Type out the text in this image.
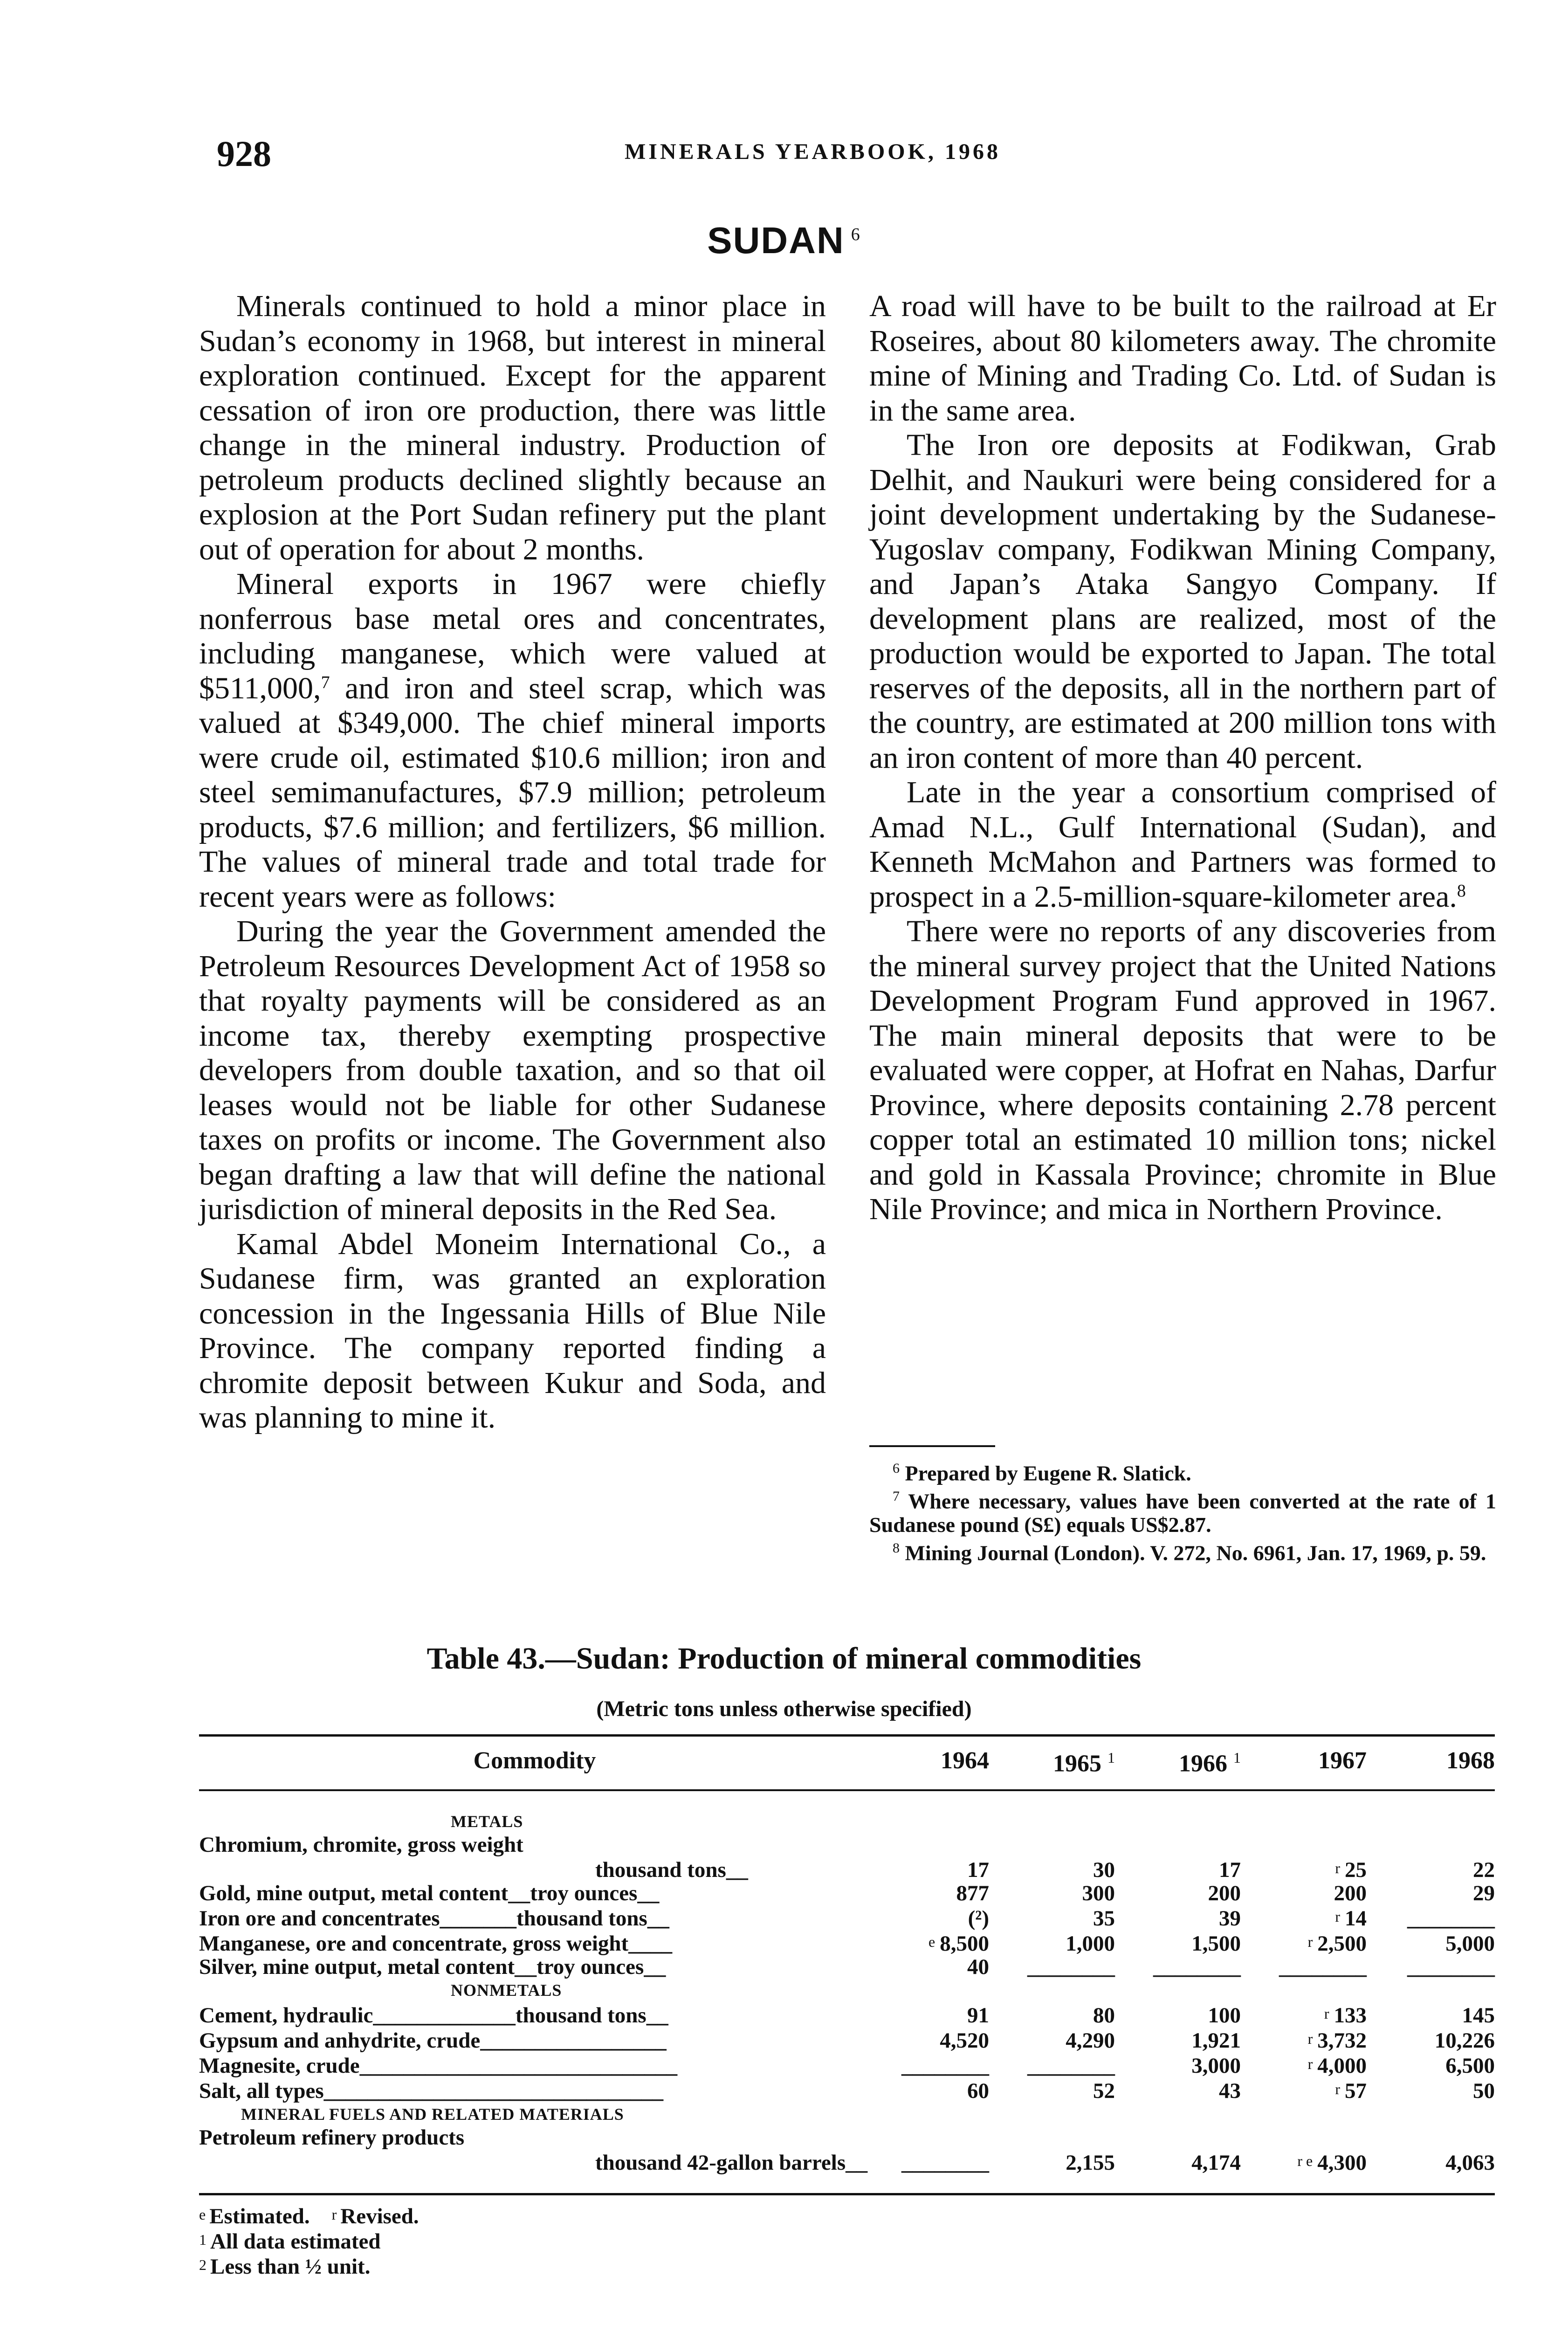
928	MINERALS YEARBOOK, 1968
SUDAN $^6$

Minerals continued to hold a minor place in Sudan’s economy in 1968, but interest in mineral exploration continued. Except for the apparent cessation of iron ore production, there was little change in the mineral industry. Production of petroleum products declined slightly because an explosion at the Port Sudan refinery put the plant out of operation for about 2 months.

Mineral exports in 1967 were chiefly nonferrous base metal ores and concentrates, including manganese, which were valued at $511,000,$^7$ and iron and steel scrap, which was valued at $349,000. The chief mineral imports were crude oil, estimated $10.6 million; iron and steel semimanufactures, $7.9 million; petroleum products, $7.6 million; and fertilizers, $6 million. The values of mineral trade and total trade for recent years were as follows:

During the year the Government amended the Petroleum Resources Development Act of 1958 so that royalty payments will be considered as an income tax, thereby exempting prospective developers from double taxation, and so that oil leases would not be liable for other Sudanese taxes on profits or income. The Government also began drafting a law that will define the national jurisdiction of mineral deposits in the Red Sea.

Kamal Abdel Moneim International Co., a Sudanese firm, was granted an exploration concession in the Ingessania Hills of Blue Nile Province. The company reported finding a chromite deposit between Kukur and Soda, and was planning to mine it.

A road will have to be built to the railroad at Er Roseires, about 80 kilometers away. The chromite mine of Mining and Trading Co. Ltd. of Sudan is in the same area.

The Iron ore deposits at Fodikwan, Grab Delhit, and Naukuri were being considered for a joint development undertaking by the Sudanese-Yugoslav company, Fodikwan Mining Company, and Japan’s Ataka Sangyo Company. If development plans are realized, most of the production would be exported to Japan. The total reserves of the deposits, all in the northern part of the country, are estimated at 200 million tons with an iron content of more than 40 percent.

Late in the year a consortium comprised of Amad N.L., Gulf International (Sudan), and Kenneth McMahon and Partners was formed to prospect in a 2.5-million-square-kilometer area.$^8$

There were no reports of any discoveries from the mineral survey project that the United Nations Development Program Fund approved in 1967. The main mineral deposits that were to be evaluated were copper, at Hofrat en Nahas, Darfur Province, where deposits containing 2.78 percent copper total an estimated 10 million tons; nickel and gold in Kassala Province; chromite in Blue Nile Province; and mica in Northern Province.

$^6$ Prepared by Eugene R. Slatick.

$^7$ Where necessary, values have been converted at the rate of 1 Sudanese pound (S£) equals US$2.87.

$^8$ Mining Journal (London). V. 272, No. 6961, Jan. 17, 1969, p. 59.

Table 43.—Sudan: Production of mineral commodities
(Metric tons unless otherwise specified)
Commodity	1964	1965 $^1$	1966 $^1$	1967	1968
METALS					
Chromium, chromite, gross weight					
thousand tons__	17	30	17	r 25	22
Gold, mine output, metal content__troy ounces__	877	300	200	200	29
Iron ore and concentrates_______thousand tons__	(²)	35	39	r 14	________
Manganese, ore and concentrate, gross weight____	e 8,500	1,000	1,500	r 2,500	5,000
Silver, mine output, metal content__troy ounces__	40	________	________	________	________
NONMETALS					
Cement, hydraulic_____________thousand tons__	91	80	100	r 133	145
Gypsum and anhydrite, crude_________________	4,520	4,290	1,921	r 3,732	10,226
Magnesite, crude_____________________________	________	________	3,000	r 4,000	6,500
Salt, all types_______________________________	60	52	43	r 57	50
MINERAL FUELS AND RELATED MATERIALS					
Petroleum refinery products					
thousand 42-gallon barrels__	________	2,155	4,174	r e 4,300	4,063
e Estimated. r Revised.
1 All data estimated
2 Less than ½ unit.
